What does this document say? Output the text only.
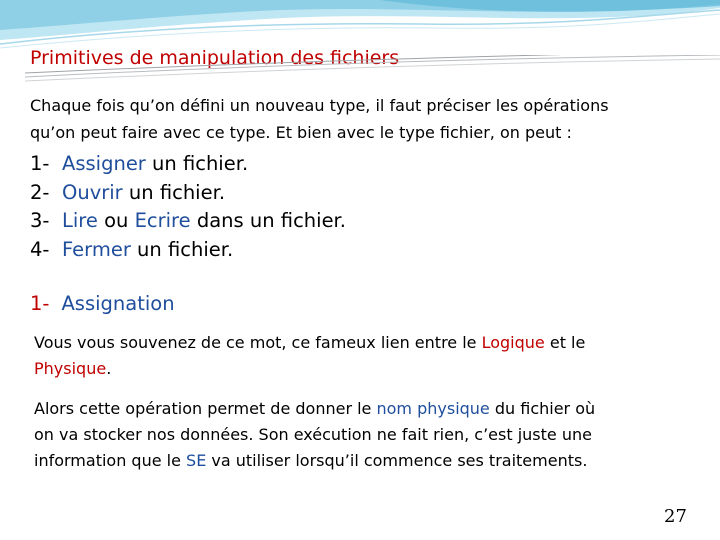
Primitives de manipulation des fichiers
Chaque fois qu’on défini un nouveau type, il faut préciser les opérations
qu’on peut faire avec ce type. Et bien avec le type fichier, on peut :
1- Assigner un fichier.
2- Ouvrir un fichier.
3- Lire ou Ecrire dans un fichier.
4- Fermer un fichier.
1- Assignation
Vous vous souvenez de ce mot, ce fameux lien entre le Logique et le
Physique.
Alors cette opération permet de donner le nom physique du fichier où
on va stocker nos données. Son exécution ne fait rien, c’est juste une
information que le SE va utiliser lorsqu’il commence ses traitements.
27
